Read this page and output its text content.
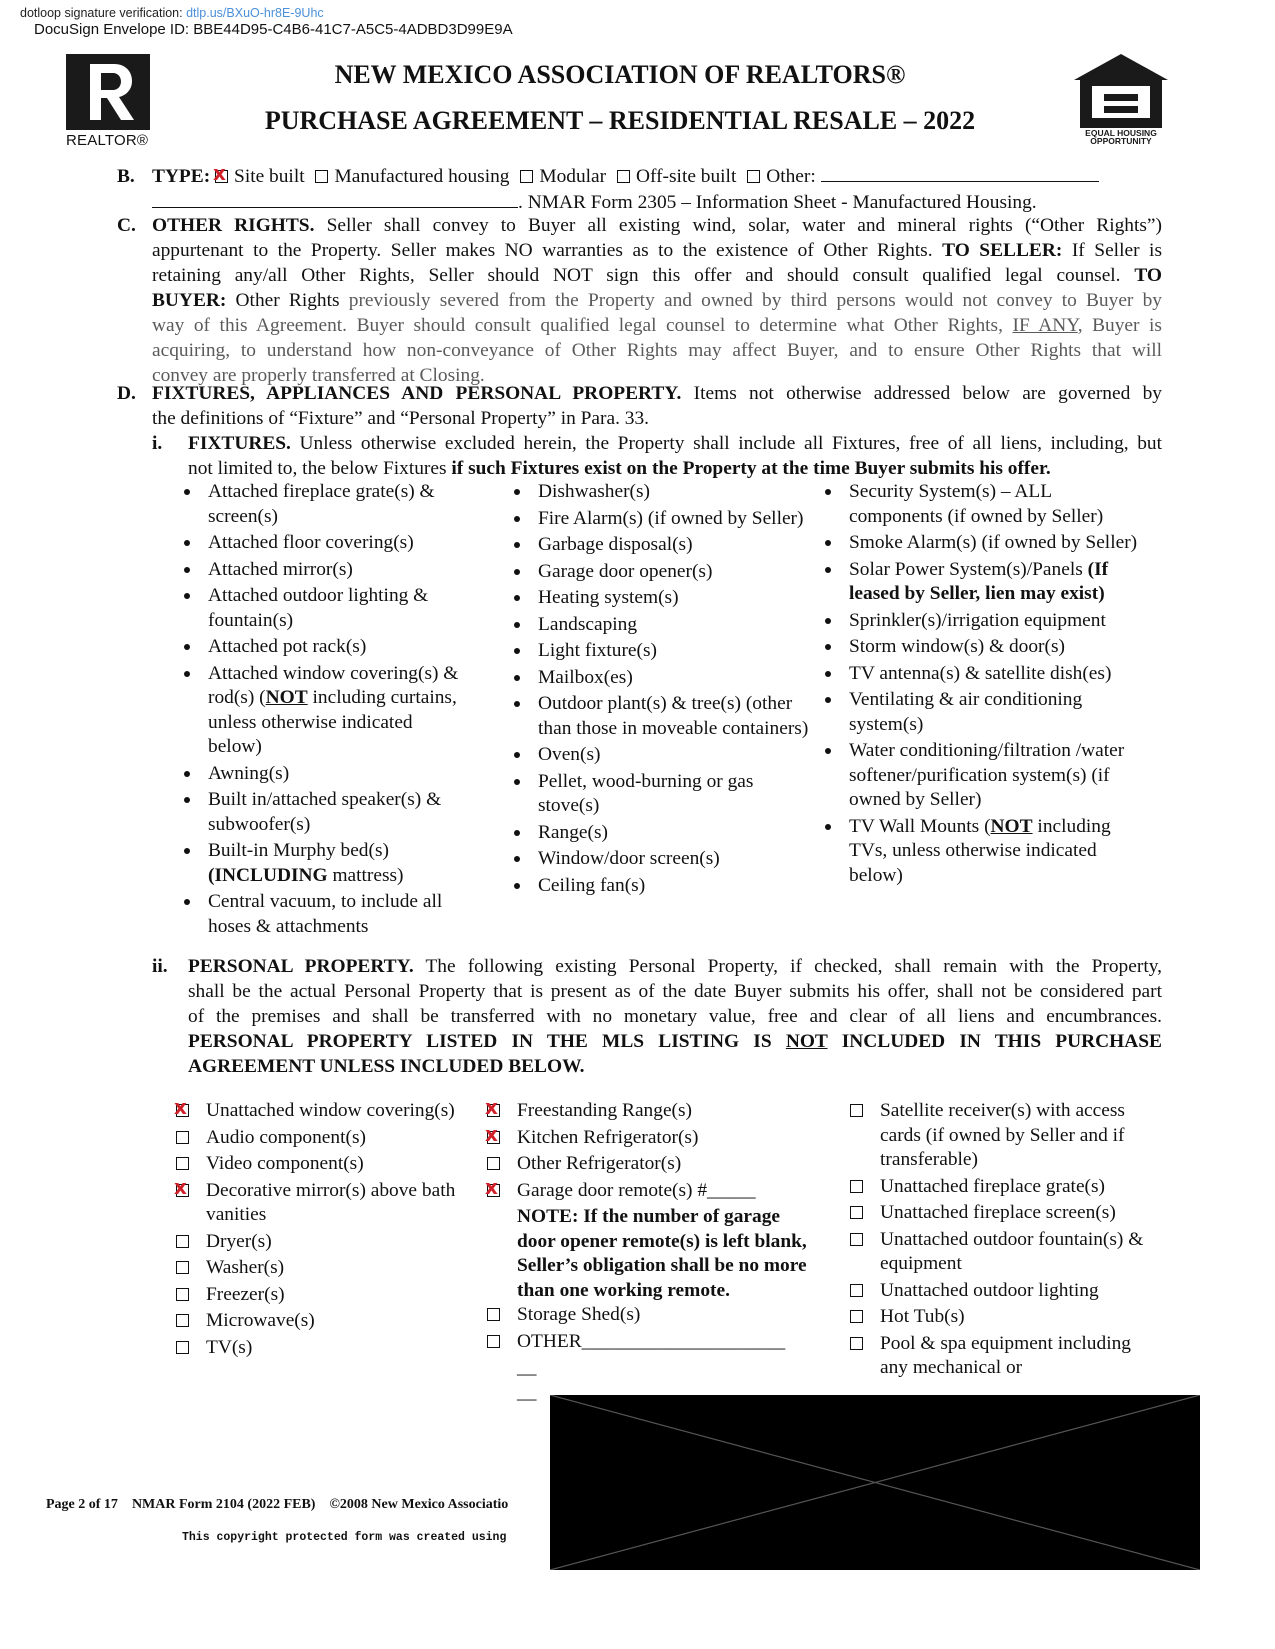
dotloop signature verification: dtlp.us/BXuO-hr8E-9Uhc
DocuSign Envelope ID: BBE44D95-C4B6-41C7-A5C5-4ADBD3D99E9A
REALTOR®	EQUAL HOUSING
OPPORTUNITY
NEW MEXICO ASSOCIATION OF REALTORS®
PURCHASE AGREEMENT – RESIDENTIAL RESALE – 2022
B. TYPE: xSite built Manufactured housing Modular Off-site built Other:
. NMAR Form 2305 – Information Sheet - Manufactured Housing.
C. OTHER RIGHTS. Seller shall convey to Buyer all existing wind, solar, water and mineral rights (“Other Rights”)
appurtenant to the Property. Seller makes NO warranties as to the existence of Other Rights. TO SELLER: If Seller is
retaining any/all Other Rights, Seller should NOT sign this offer and should consult qualified legal counsel. TO
BUYER: Other Rights previously severed from the Property and owned by third persons would not convey to Buyer by
way of this Agreement. Buyer should consult qualified legal counsel to determine what Other Rights, IF ANY, Buyer is
acquiring, to understand how non-conveyance of Other Rights may affect Buyer, and to ensure Other Rights that will
convey are properly transferred at Closing.
D. FIXTURES, APPLIANCES AND PERSONAL PROPERTY. Items not otherwise addressed below are governed by
the definitions of “Fixture” and “Personal Property” in Para. 33.
i.	FIXTURES. Unless otherwise excluded herein, the Property shall include all Fixtures, free of all liens, including, but
not limited to, the below Fixtures if such Fixtures exist on the Property at the time Buyer submits his offer.
Attached fireplace grate(s) & screen(s)
Attached floor covering(s)
Attached mirror(s)
Attached outdoor lighting & fountain(s)
Attached pot rack(s)
Attached window covering(s) & rod(s) (NOT including curtains, unless otherwise indicated below)
Awning(s)
Built in/attached speaker(s) & subwoofer(s)
Built-in Murphy bed(s)
(INCLUDING mattress)
Central vacuum, to include all hoses & attachments
Dishwasher(s)
Fire Alarm(s) (if owned by Seller)
Garbage disposal(s)
Garage door opener(s)
Heating system(s)
Landscaping
Light fixture(s)
Mailbox(es)
Outdoor plant(s) & tree(s) (other than those in moveable containers)
Oven(s)
Pellet, wood-burning or gas stove(s)
Range(s)
Window/door screen(s)
Ceiling fan(s)
Security System(s) – ALL components (if owned by Seller)
Smoke Alarm(s) (if owned by Seller)
Solar Power System(s)/Panels (If leased by Seller, lien may exist)
Sprinkler(s)/irrigation equipment
Storm window(s) & door(s)
TV antenna(s) & satellite dish(es)
Ventilating & air conditioning system(s)
Water conditioning/filtration /water softener/purification system(s) (if owned by Seller)
TV Wall Mounts (NOT including TVs, unless otherwise indicated below)
ii.	PERSONAL PROPERTY. The following existing Personal Property, if checked, shall remain with the Property,
shall be the actual Personal Property that is present as of the date Buyer submits his offer, shall not be considered part
of the premises and shall be transferred with no monetary value, free and clear of all liens and encumbrances.
PERSONAL PROPERTY LISTED IN THE MLS LISTING IS NOT INCLUDED IN THIS PURCHASE
AGREEMENT UNLESS INCLUDED BELOW.
x
Unattached window covering(s)
Audio component(s)
Video component(s)
x
Decorative mirror(s) above bath vanities
Dryer(s)
Washer(s)
Freezer(s)
Microwave(s)
TV(s)
x
Freestanding Range(s)
x
Kitchen Refrigerator(s)
Other Refrigerator(s)
x
Garage door remote(s) #_____
NOTE: If the number of garage door opener remote(s) is left blank, Seller’s obligation shall be no more than one working remote.
Storage Shed(s)
OTHER_____________________
__
__
Satellite receiver(s) with access cards (if owned by Seller and if transferable)
Unattached fireplace grate(s)
Unattached fireplace screen(s)
Unattached outdoor fountain(s) & equipment
Unattached outdoor lighting
Hot Tub(s)
Pool & spa equipment including any mechanical or
Page 2 of 17 NMAR Form 2104 (2022 FEB) ©2008 New Mexico Associatio
This copyright protected form was created using
